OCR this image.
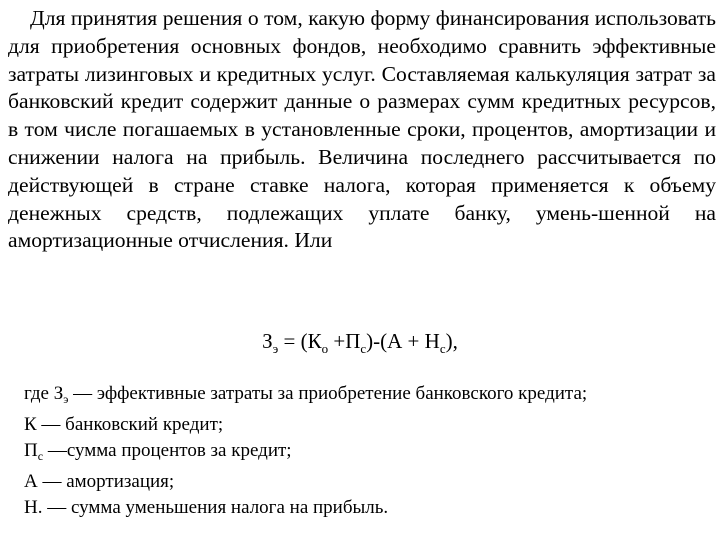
Для принятия решения о том, какую форму финансирования использовать для приобретения основных фондов, необходимо сравнить эффективные затраты лизинговых и кредитных услуг. Составляемая калькуляция затрат за банковский кредит содержит данные о размерах сумм кредитных ресурсов, в том числе погашаемых в установленные сроки, процентов, амортизации и снижении налога на прибыль. Величина последнего рассчитывается по действующей в стране ставке налога, которая применяется к объему денежных средств, подлежащих уплате банку, умень-шенной на амортизационные отчисления. Или

$З_э = (К_о +П_с)-(А + Н_с)$,
где $З_э$ — эффективные затраты за приобретение банковского кредита;
К — банковский кредит;
$П_с$ —сумма процентов за кредит;
А — амортизация;
Н. — сумма уменьшения налога на прибыль.
